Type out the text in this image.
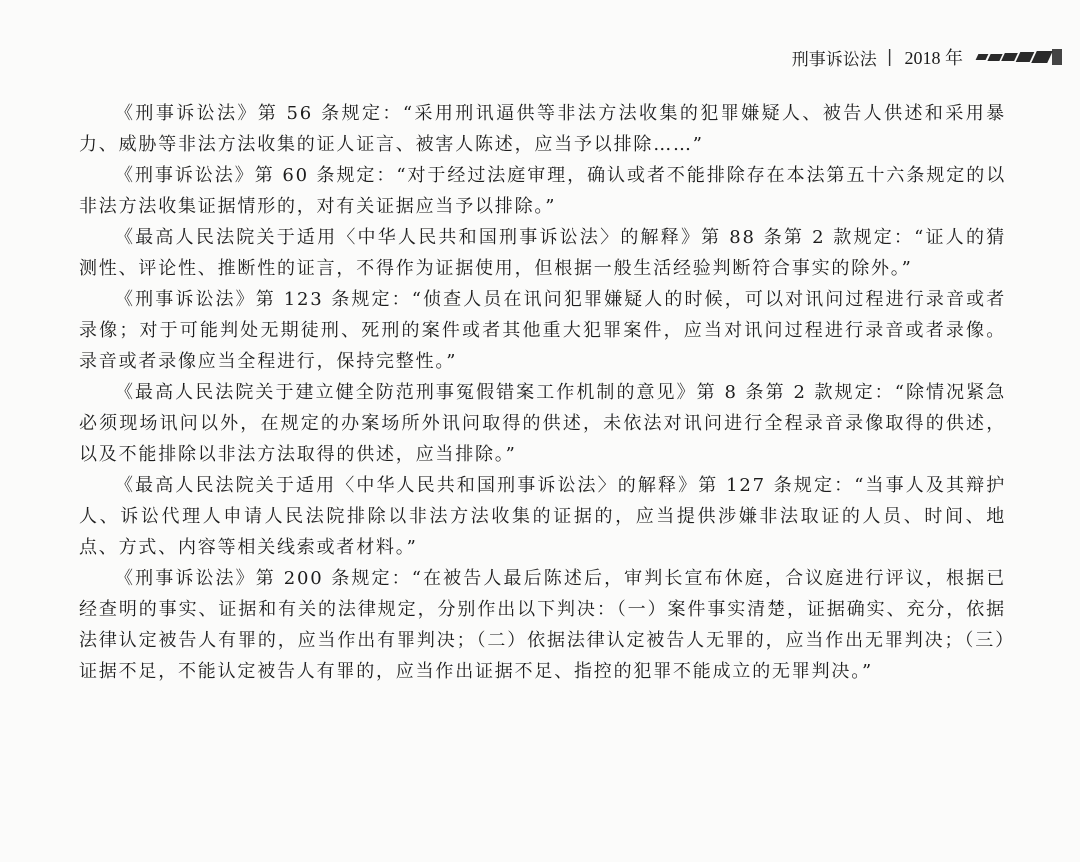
刑事诉讼法 | 2018 年

《刑事诉讼法》第 56 条规定：“采用刑讯逼供等非法方法收集的犯罪嫌疑人、被告人供述和采用暴力、威胁等非法方法收集的证人证言、被害人陈述，应当予以排除……”

《刑事诉讼法》第 60 条规定：“对于经过法庭审理，确认或者不能排除存在本法第五十六条规定的以非法方法收集证据情形的，对有关证据应当予以排除。”

《最高人民法院关于适用〈中华人民共和国刑事诉讼法〉的解释》第 88 条第 2 款规定：“证人的猜测性、评论性、推断性的证言，不得作为证据使用，但根据一般生活经验判断符合事实的除外。”

《刑事诉讼法》第 123 条规定：“侦查人员在讯问犯罪嫌疑人的时候，可以对讯问过程进行录音或者录像；对于可能判处无期徒刑、死刑的案件或者其他重大犯罪案件，应当对讯问过程进行录音或者录像。录音或者录像应当全程进行，保持完整性。”

《最高人民法院关于建立健全防范刑事冤假错案工作机制的意见》第 8 条第 2 款规定：“除情况紧急必须现场讯问以外，在规定的办案场所外讯问取得的供述，未依法对讯问进行全程录音录像取得的供述，以及不能排除以非法方法取得的供述，应当排除。”

《最高人民法院关于适用〈中华人民共和国刑事诉讼法〉的解释》第 127 条规定：“当事人及其辩护人、诉讼代理人申请人民法院排除以非法方法收集的证据的，应当提供涉嫌非法取证的人员、时间、地点、方式、内容等相关线索或者材料。”

《刑事诉讼法》第 200 条规定：“在被告人最后陈述后，审判长宣布休庭，合议庭进行评议，根据已经查明的事实、证据和有关的法律规定，分别作出以下判决：（一）案件事实清楚，证据确实、充分，依据法律认定被告人有罪的，应当作出有罪判决；（二）依据法律认定被告人无罪的，应当作出无罪判决；（三）证据不足，不能认定被告人有罪的，应当作出证据不足、指控的犯罪不能成立的无罪判决。”
